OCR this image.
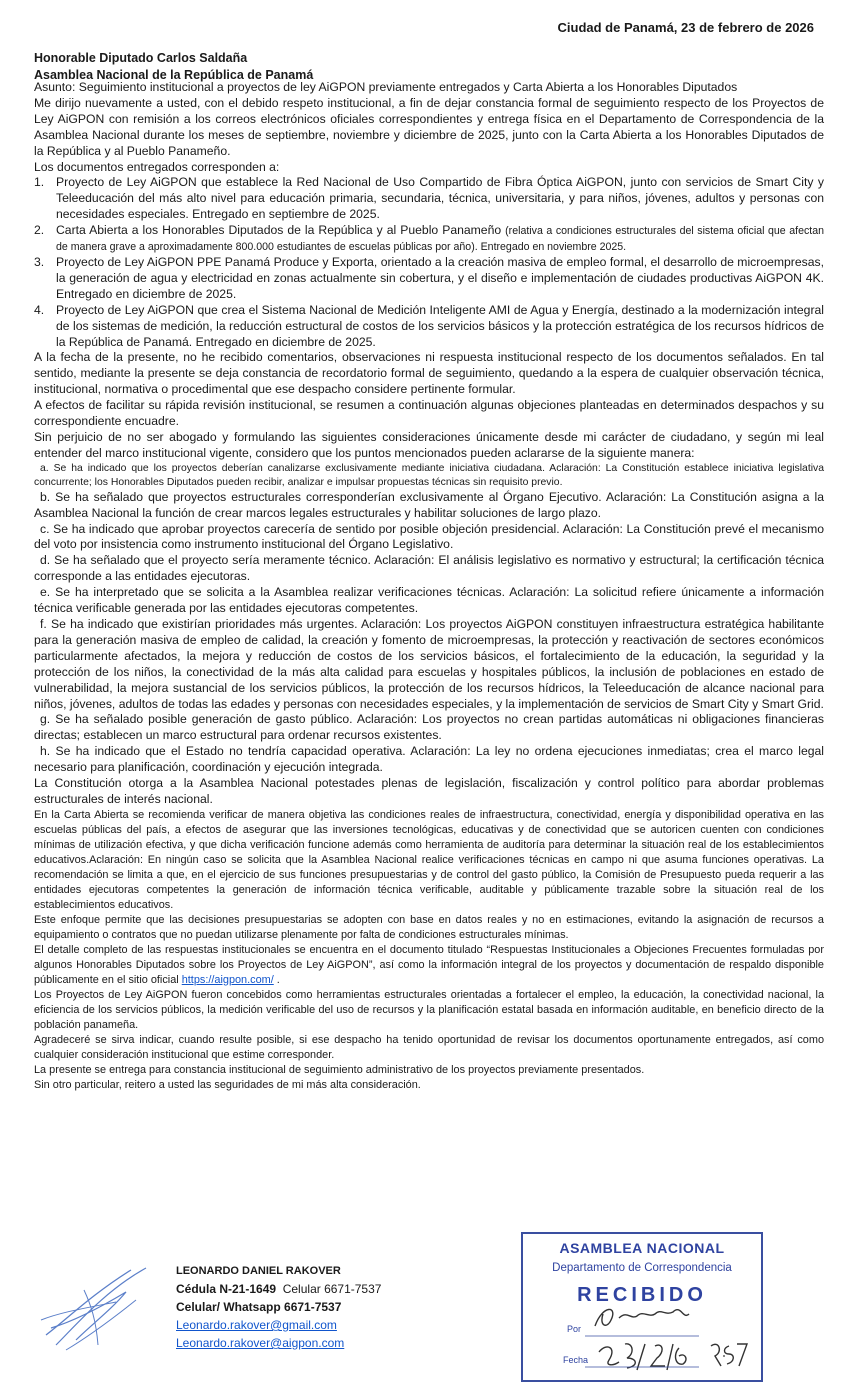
Ciudad de Panamá, 23 de febrero de 2026
Honorable Diputado Carlos Saldaña
Asamblea Nacional de la República de Panamá

Asunto: Seguimiento institucional a proyectos de ley AiGPON previamente entregados y Carta Abierta a los Honorables Diputados

Me dirijo nuevamente a usted, con el debido respeto institucional, a fin de dejar constancia formal de seguimiento respecto de los Proyectos de Ley AiGPON con remisión a los correos electrónicos oficiales correspondientes y entrega física en el Departamento de Correspondencia de la Asamblea Nacional durante los meses de septiembre, noviembre y diciembre de 2025, junto con la Carta Abierta a los Honorables Diputados de la República y al Pueblo Panameño.

Los documentos entregados corresponden a:

1. Proyecto de Ley AiGPON que establece la Red Nacional de Uso Compartido de Fibra Óptica AiGPON, junto con servicios de Smart City y Teleeducación del más alto nivel para educación primaria, secundaria, técnica, universitaria, y para niños, jóvenes, adultos y personas con necesidades especiales. Entregado en septiembre de 2025.
2. Carta Abierta a los Honorables Diputados de la República y al Pueblo Panameño (relativa a condiciones estructurales del sistema oficial que afectan de manera grave a aproximadamente 800.000 estudiantes de escuelas públicas por año). Entregado en noviembre 2025.
3. Proyecto de Ley AiGPON PPE Panamá Produce y Exporta, orientado a la creación masiva de empleo formal, el desarrollo de microempresas, la generación de agua y electricidad en zonas actualmente sin cobertura, y el diseño e implementación de ciudades productivas AiGPON 4K. Entregado en diciembre de 2025.
4. Proyecto de Ley AiGPON que crea el Sistema Nacional de Medición Inteligente AMI de Agua y Energía, destinado a la modernización integral de los sistemas de medición, la reducción estructural de costos de los servicios básicos y la protección estratégica de los recursos hídricos de la República de Panamá. Entregado en diciembre de 2025.

A la fecha de la presente, no he recibido comentarios, observaciones ni respuesta institucional respecto de los documentos señalados. En tal sentido, mediante la presente se deja constancia de recordatorio formal de seguimiento, quedando a la espera de cualquier observación técnica, institucional, normativa o procedimental que ese despacho considere pertinente formular.

A efectos de facilitar su rápida revisión institucional, se resumen a continuación algunas objeciones planteadas en determinados despachos y su correspondiente encuadre.

Sin perjuicio de no ser abogado y formulando las siguientes consideraciones únicamente desde mi carácter de ciudadano, y según mi leal entender del marco institucional vigente, considero que los puntos mencionados pueden aclararse de la siguiente manera:

a. Se ha indicado que los proyectos deberían canalizarse exclusivamente mediante iniciativa ciudadana. Aclaración: La Constitución establece iniciativa legislativa concurrente; los Honorables Diputados pueden recibir, analizar e impulsar propuestas técnicas sin requisito previo.

b. Se ha señalado que proyectos estructurales corresponderían exclusivamente al Órgano Ejecutivo. Aclaración: La Constitución asigna a la Asamblea Nacional la función de crear marcos legales estructurales y habilitar soluciones de largo plazo.

c. Se ha indicado que aprobar proyectos carecería de sentido por posible objeción presidencial. Aclaración: La Constitución prevé el mecanismo del voto por insistencia como instrumento institucional del Órgano Legislativo.

d. Se ha señalado que el proyecto sería meramente técnico. Aclaración: El análisis legislativo es normativo y estructural; la certificación técnica corresponde a las entidades ejecutoras.

e. Se ha interpretado que se solicita a la Asamblea realizar verificaciones técnicas. Aclaración: La solicitud refiere únicamente a información técnica verificable generada por las entidades ejecutoras competentes.

f. Se ha indicado que existirían prioridades más urgentes. Aclaración: Los proyectos AiGPON constituyen infraestructura estratégica habilitante para la generación masiva de empleo de calidad, la creación y fomento de microempresas, la protección y reactivación de sectores económicos particularmente afectados, la mejora y reducción de costos de los servicios básicos, el fortalecimiento de la educación, la seguridad y la protección de los niños, la conectividad de la más alta calidad para escuelas y hospitales públicos, la inclusión de poblaciones en estado de vulnerabilidad, la mejora sustancial de los servicios públicos, la protección de los recursos hídricos, la Teleeducación de alcance nacional para niños, jóvenes, adultos de todas las edades y personas con necesidades especiales, y la implementación de servicios de Smart City y Smart Grid.

g. Se ha señalado posible generación de gasto público. Aclaración: Los proyectos no crean partidas automáticas ni obligaciones financieras directas; establecen un marco estructural para ordenar recursos existentes.

h. Se ha indicado que el Estado no tendría capacidad operativa. Aclaración: La ley no ordena ejecuciones inmediatas; crea el marco legal necesario para planificación, coordinación y ejecución integrada.

La Constitución otorga a la Asamblea Nacional potestades plenas de legislación, fiscalización y control político para abordar problemas estructurales de interés nacional.

En la Carta Abierta se recomienda verificar de manera objetiva las condiciones reales de infraestructura, conectividad, energía y disponibilidad operativa en las escuelas públicas del país, a efectos de asegurar que las inversiones tecnológicas, educativas y de conectividad que se autoricen cuenten con condiciones mínimas de utilización efectiva, y que dicha verificación funcione además como herramienta de auditoría para determinar la situación real de los establecimientos educativos.Aclaración: En ningún caso se solicita que la Asamblea Nacional realice verificaciones técnicas en campo ni que asuma funciones operativas. La recomendación se limita a que, en el ejercicio de sus funciones presupuestarias y de control del gasto público, la Comisión de Presupuesto pueda requerir a las entidades ejecutoras competentes la generación de información técnica verificable, auditable y públicamente trazable sobre la situación real de los establecimientos educativos.

Este enfoque permite que las decisiones presupuestarias se adopten con base en datos reales y no en estimaciones, evitando la asignación de recursos a equipamiento o contratos que no puedan utilizarse plenamente por falta de condiciones estructurales mínimas.

El detalle completo de las respuestas institucionales se encuentra en el documento titulado “Respuestas Institucionales a Objeciones Frecuentes formuladas por algunos Honorables Diputados sobre los Proyectos de Ley AiGPON”, así como la información integral de los proyectos y documentación de respaldo disponible públicamente en el sitio oficial https://aigpon.com/ .

Los Proyectos de Ley AiGPON fueron concebidos como herramientas estructurales orientadas a fortalecer el empleo, la educación, la conectividad nacional, la eficiencia de los servicios públicos, la medición verificable del uso de recursos y la planificación estatal basada en información auditable, en beneficio directo de la población panameña.

Agradeceré se sirva indicar, cuando resulte posible, si ese despacho ha tenido oportunidad de revisar los documentos oportunamente entregados, así como cualquier consideración institucional que estime corresponder.

La presente se entrega para constancia institucional de seguimiento administrativo de los proyectos previamente presentados.

Sin otro particular, reitero a usted las seguridades de mi más alta consideración.

LEONARDO DANIEL RAKOVER
Cédula N-21-1649 Celular 6671-7537
Celular/ Whatsapp 6671-7537
Leonardo.rakover@gmail.com
Leonardo.rakover@aigpon.com
ASAMBLEA NACIONAL
Departamento de Correspondencia
RECIBIDO
Por
Fecha
